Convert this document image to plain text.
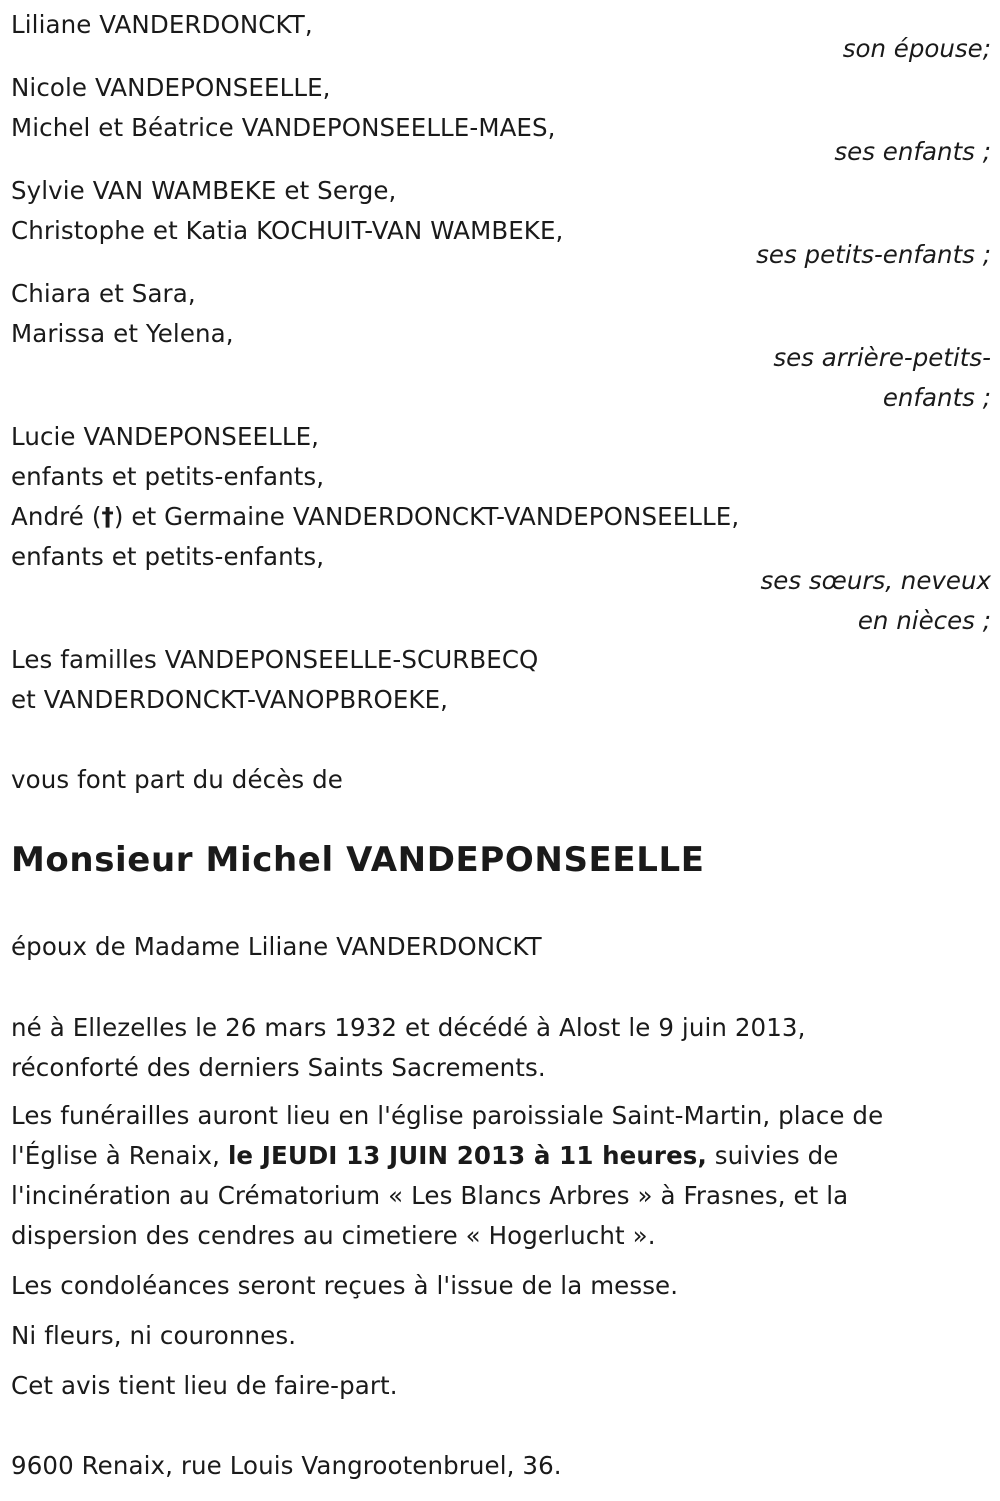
Liliane VANDERDONCKT,
son épouse;
Nicole VANDEPONSEELLE,
Michel et Béatrice VANDEPONSEELLE-MAES,
ses enfants ;
Sylvie VAN WAMBEKE et Serge,
Christophe et Katia KOCHUIT-VAN WAMBEKE,
ses petits-enfants ;
Chiara et Sara,
Marissa et Yelena,
ses arrière-petits-
enfants ;
Lucie VANDEPONSEELLE,
enfants et petits-enfants,
André (†) et Germaine VANDERDONCKT-VANDEPONSEELLE,
enfants et petits-enfants,
ses sœurs, neveux
en nièces ;
Les familles VANDEPONSEELLE-SCURBECQ
et VANDERDONCKT-VANOPBROEKE,
vous font part du décès de
Monsieur Michel VANDEPONSEELLE
époux de Madame Liliane VANDERDONCKT
né à Ellezelles le 26 mars 1932 et décédé à Alost le 9 juin 2013,
réconforté des derniers Saints Sacrements.
Les funérailles auront lieu en l'église paroissiale Saint-Martin, place de
l'Église à Renaix, le JEUDI 13 JUIN 2013 à 11 heures, suivies de
l'incinération au Crématorium « Les Blancs Arbres » à Frasnes, et la
dispersion des cendres au cimetiere « Hogerlucht ».
Les condoléances seront reçues à l'issue de la messe.
Ni fleurs, ni couronnes.
Cet avis tient lieu de faire-part.
9600 Renaix, rue Louis Vangrootenbruel, 36.
